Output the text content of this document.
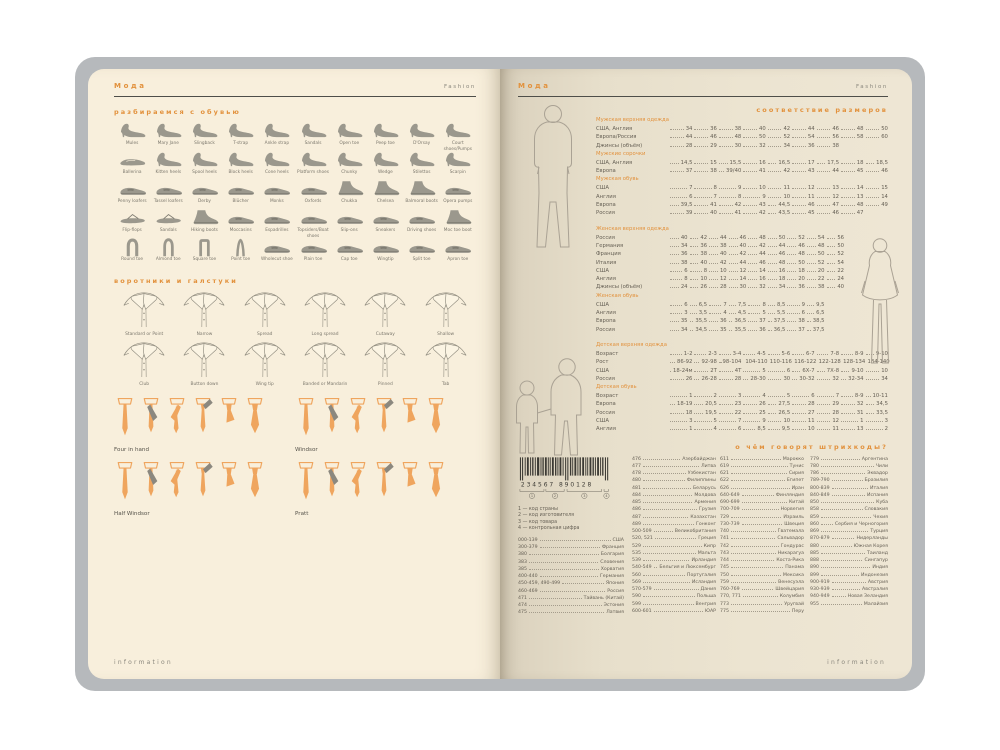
Мода	Fashion
разбираемся с обувью
Mules	Mary Jane	Slingback	T-strap	Ankle strap	Sandals	Open toe	Peep toe	D'Orsay	Court shoes/Pumps
Ballerina	Kitten heels	Spool heels	Block heels	Cone heels	Platform shoes	Chunky	Wedge	Stilettos	Scarpin
Penny loafers	Tassel loafers	Derby	Blücher	Monks	Oxfords	Chukka	Chelsea	Balmoral boots	Opera pumps
Flip-flops	Sandals	Hiking boots	Moccasins	Espadrilles	Topsiders/Boat shoes
Slip-ons	Sneakers	Driving shoes	Moc toe boot
Round toe	Almond toe	Square toe	Point toe	Wholecut shoe	Plain toe	Cap toe	Wingtip	Split toe	Apron toe
воротники и галстуки
Standard or Point	Narrow	Spread	Long spread	Cutaway	Shallow
Club	Button down	Wing tip	Banded or Mandarin	Pinned	Tab
Four in hand	Windsor
Half Windsor	Pratt
information
Мода	Fashion
соответствие размеров
Мужская верхняя одежда
США, Англия	34	36	38	40	42	44	46	48	50
Европа/Россия	44	46	48	50	52	54	56	58	60
Джинсы (объём)	28	29	30	32	34	36	38
Мужские сорочки
США, Англия	14,5	15 15,5	16 16,5	17 17,5	18 18,5
Европа	37	38 39/40	41	42	43	44	45	46
Мужская обувь
США	7	8	9	10	11	12	13	14	15
Англия	6	7	8	9	10	11	12	13	14
Европа	39,5	41	42	43 44,5	46	47	48	49
Россия	39	40	41	42 43,5	45	46	47
Женская верхняя одежда
Россия	40 42 44 46 48 50 52 54 56
Германия	34 36 38 40 42 44 46 48 50
Франция	36 38 40 42 44 46 48 50 52
Италия	38 40 42 44 46 48 50 52 54
США	6	8 10 12 14 16 18 20 22
Англия	8 10 12 14 16 18 20 22 24
Джинсы (объём)	24 26 28 30 32 34 36 38 40
Женская обувь
США	6 6,5	7 7,5	8 8,5	9 9,5
Англия	3 3,5	4 4,5	5 5,5	6 6,5
Европа	35 35,5 36 36,5 37 37,5 38 38,5
Россия	34 34,5 35 35,5 36 36,5 37 37,5
Детская верхняя одежда
Возраст	1-2	2-3	3-4	4-5	5-6	6-7	7-8	8-9 9-10
Рост	86-92 92-98 98-104 104-110 110-116 116-122 122-128 128-134 134-140
США	18-24м	2Т	4Т	5	6 6Х-7 7Х-8 9-10	10
Россия	26 26-28	28 28-30	30 30-32	32 32-34	34
Детская обувь
Возраст	1	2	3	4	5	6	7	8-9 10-11
Европа	18-19 20,5	23	26 27,5	28	29	32 34,5
Россия	18 19,5	22	25 26,5	27	28	31 33,5
США	3	5	7	9	10	11	12	1	3
Англия	1	4	6	8,5	9,5	10	11	13	2
о чём говорят штрихкоды?
234567 890128
1	2	3	4
1 — код страны
2 — код изготовителя
3 — код товара
4 — контрольная цифра
000-139	США
300-379	Франция
380	Болгария
383	Словения
385	Хорватия
400-440	Германия
450-459, 490-499	Япония
460-469	Россия
471	Тайвань (Китай)
474	Эстония
475	Латвия
476	Азербайджан
477	Литва
478	Узбекистан
480	Филиппины
481	Беларусь
484	Молдова
485	Армения
486	Грузия
487	Казахстан
489	Гонконг
500-509	Великобритания
520, 521	Греция
529	Кипр
535	Мальта
539	Ирландия
540-549 Бельгия и Люксембург
560	Португалия
569	Исландия
570-579	Дания
590	Польша
599	Венгрия
600-601	ЮАР
611	Марокко
619	Тунис
621	Сирия
622	Египет
626	Иран
640-649	Финляндия
690-699	Китай
700-709	Норвегия
729	Израиль
730-739	Швеция
740	Гватемала
741	Сальвадор
742	Гондурас
743	Никарагуа
744	Коста-Рика
745	Панама
750	Мексика
759	Венесуэла
760-769	Швейцария
770, 771	Колумбия
773	Уругвай
775	Перу
779	Аргентина
780	Чили
786	Эквадор
789-790	Бразилия
800-839	Италия
840-849	Испания
850	Куба
858	Словакия
859	Чехия
860	Сербия и Черногория
869	Турция
870-879	Нидерланды
880	Южная Корея
885	Таиланд
888	Сингапур
890	Индия
899	Индонезия
900-919	Австрия
930-939	Австралия
940-949	Новая Зеландия
955	Малайзия
information
